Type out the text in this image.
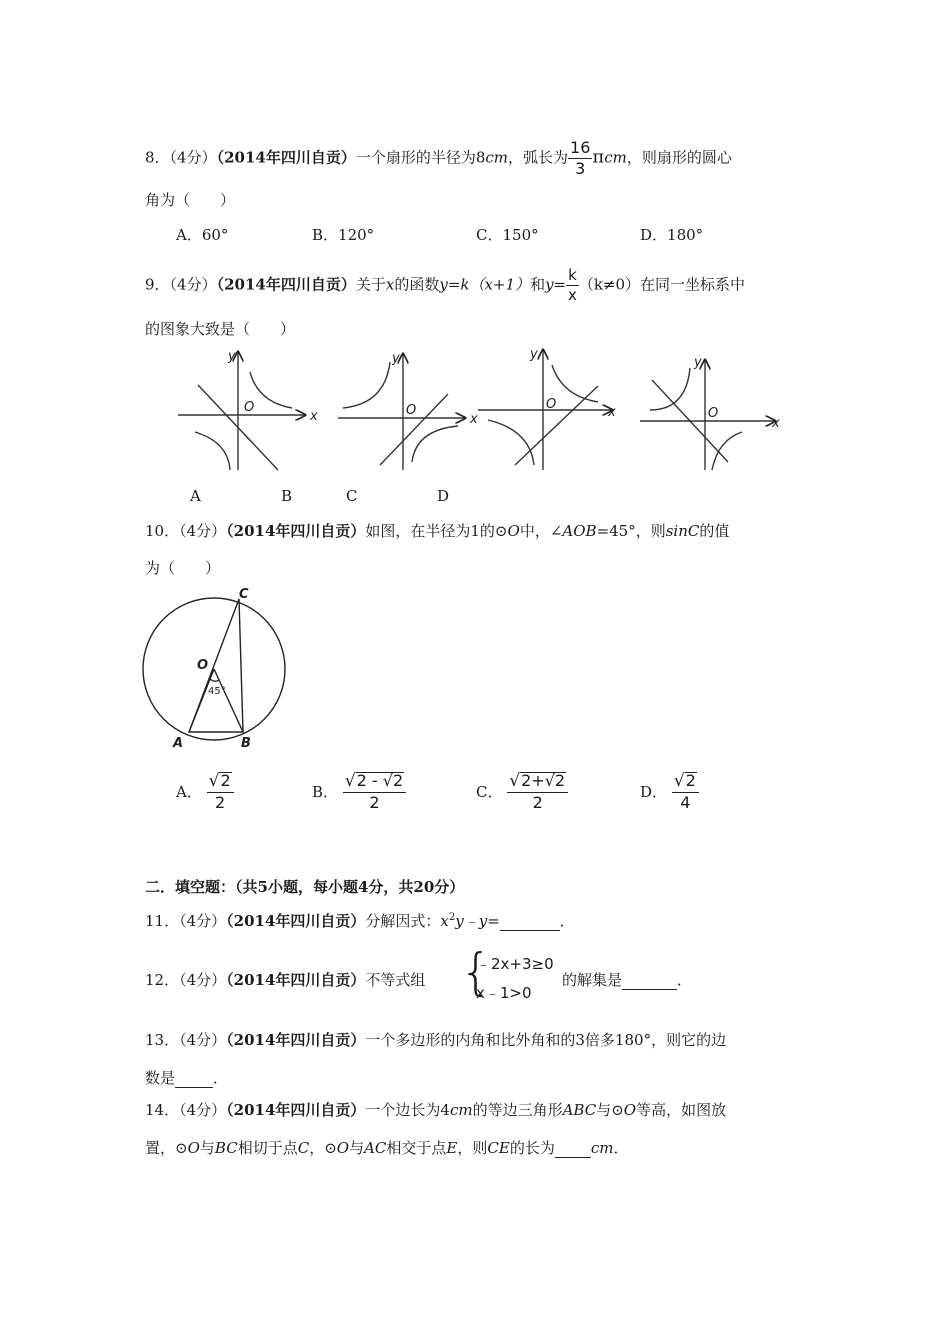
8．（4分）（2014年四川自贡）一个扇形的半径为8cm，弧长为 $\frac{16}{3}$ πcm，则扇形的圆心
角为（　　）
A．60°	B．120°	C．150°	D．180°
9．（4分）（2014年四川自贡）关于x的函数y=k（x+1）和$y= \frac{k}{x} (k\ne 0)$在同一坐标系中
的图象大致是（　　）
y
x
O
y
x
O
y
x
O
y
x
O
A	B	C	D
10．（4分）（2014年四川自贡）如图，在半径为1的⊙O中，∠AOB=45°，则sinC的值
为（　　）
C
O
A	B
45°
A． $\frac{√2}{2}$	B． $\frac{√2 - √2}{2}$	C． $\frac{√2+√2}{2}$	D． $\frac{√2}{4}$
二．填空题：（共5小题，每小题4分，共20分）
11．（4分）（2014年四川自贡）分解因式：$x^2y﹣y=$	．
12．（4分）（2014年四川自贡）不等式组 {
﹣2x+3≥0
x﹣1>0
的解集是	．
13．（4分）（2014年四川自贡）一个多边形的内角和比外角和的3倍多180°，则它的边
数是	．
14．（4分）（2014年四川自贡）一个边长为4cm的等边三角形ABC与⊙O等高，如图放
置，⊙O与BC相切于点C，⊙O与AC相交于点E，则CE的长为 cm．
